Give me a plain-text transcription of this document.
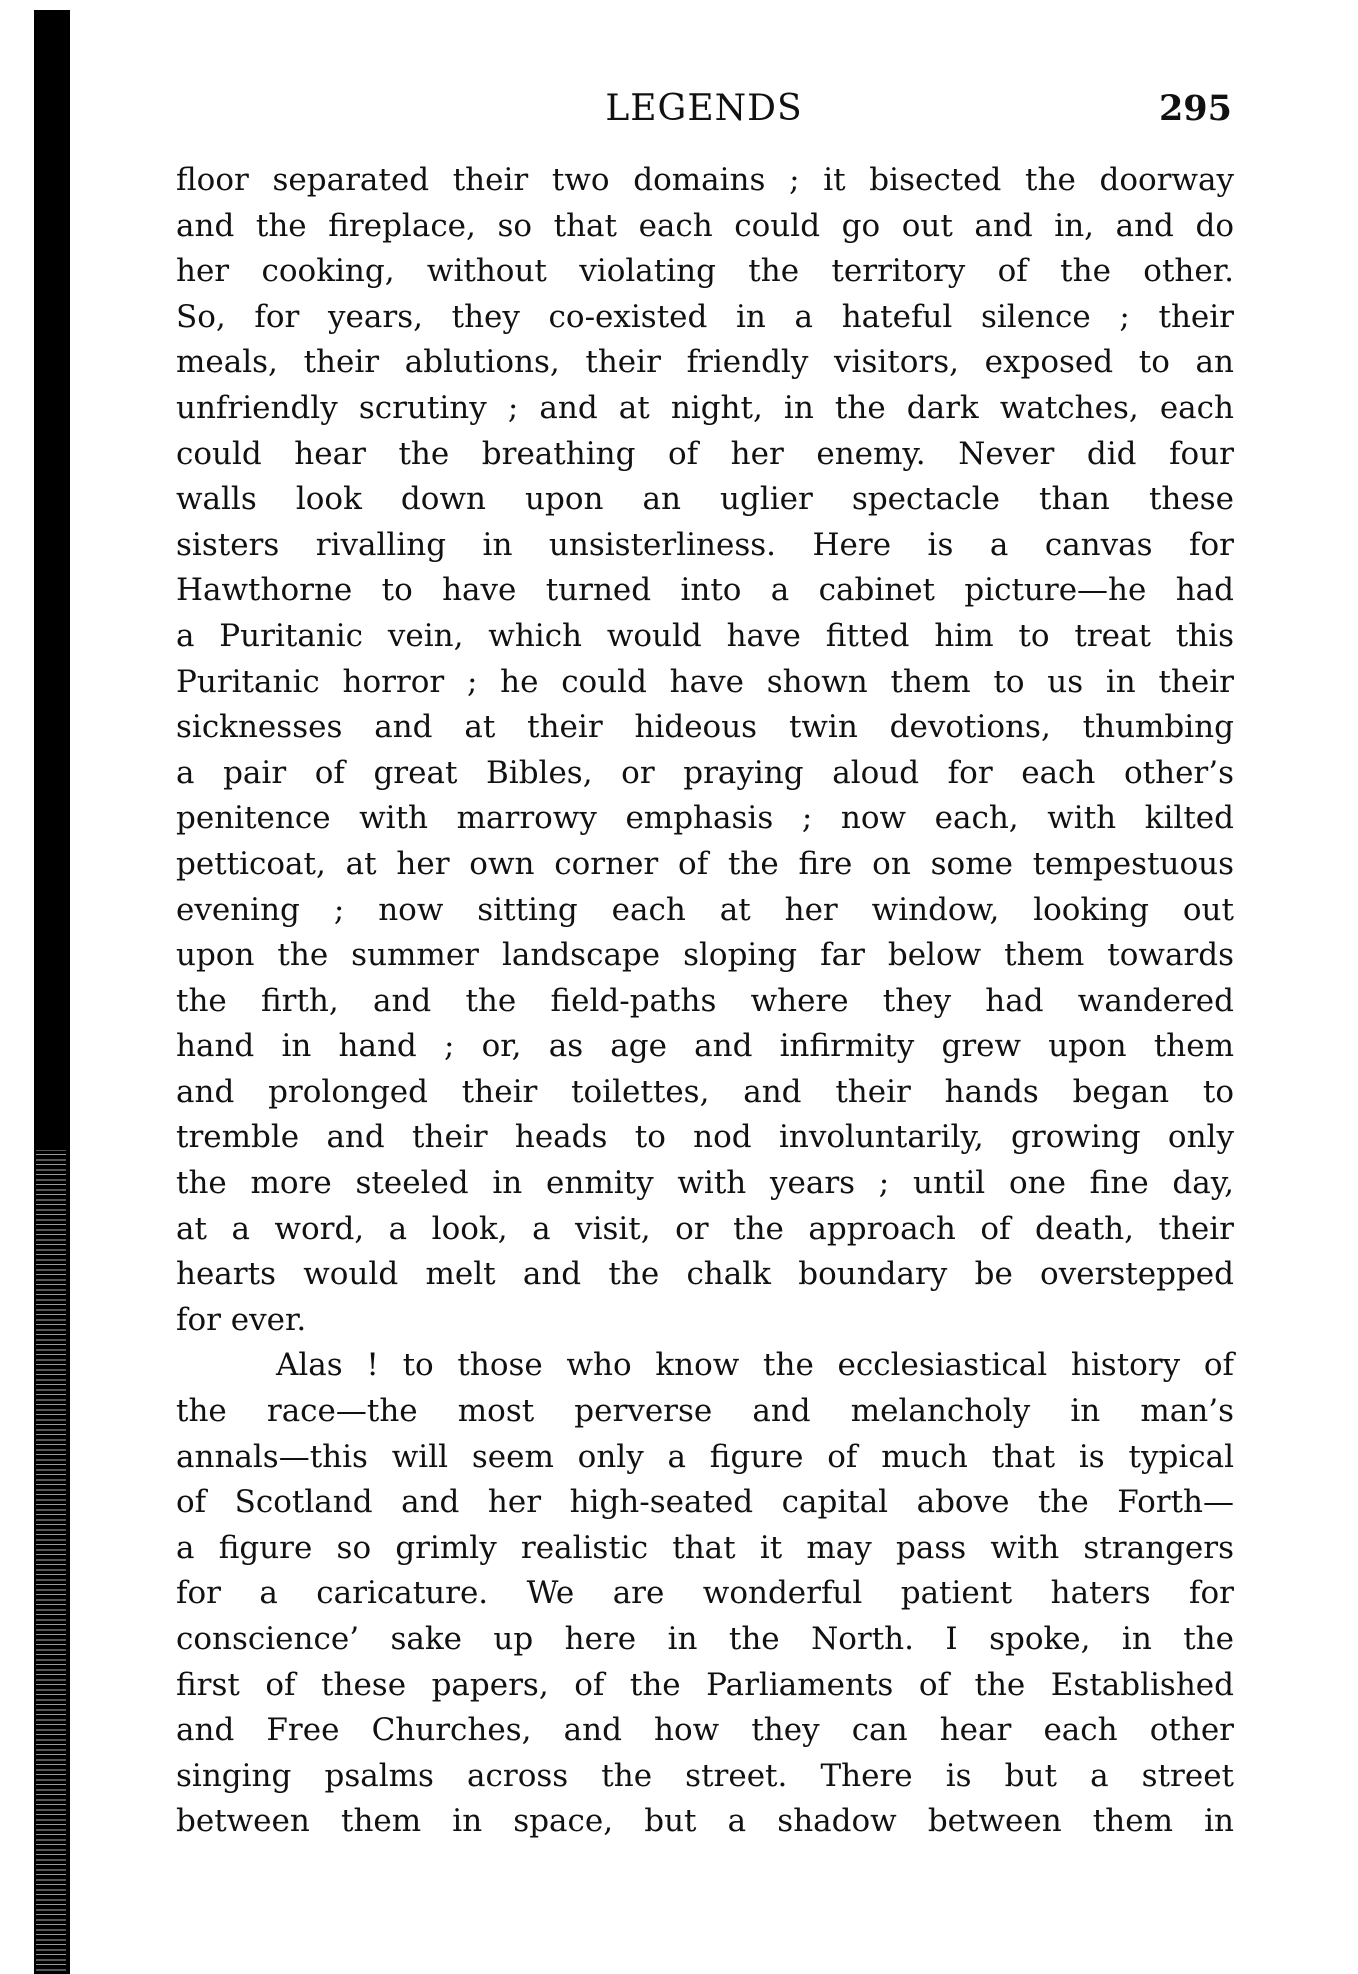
LEGENDS	295
floor separated their two domains ; it bisected the doorway
and the fireplace, so that each could go out and in, and do
her cooking, without violating the territory of the other.
So, for years, they co-existed in a hateful silence ; their
meals, their ablutions, their friendly visitors, exposed to an
unfriendly scrutiny ; and at night, in the dark watches, each
could hear the breathing of her enemy. Never did four
walls look down upon an uglier spectacle than these
sisters rivalling in unsisterliness. Here is a canvas for
Hawthorne to have turned into a cabinet picture—he had
a Puritanic vein, which would have fitted him to treat this
Puritanic horror ; he could have shown them to us in their
sicknesses and at their hideous twin devotions, thumbing
a pair of great Bibles, or praying aloud for each other’s
penitence with marrowy emphasis ; now each, with kilted
petticoat, at her own corner of the fire on some tempestuous
evening ; now sitting each at her window, looking out
upon the summer landscape sloping far below them towards
the firth, and the field-paths where they had wandered
hand in hand ; or, as age and infirmity grew upon them
and prolonged their toilettes, and their hands began to
tremble and their heads to nod involuntarily, growing only
the more steeled in enmity with years ; until one fine day,
at a word, a look, a visit, or the approach of death, their
hearts would melt and the chalk boundary be overstepped
for ever.
Alas ! to those who know the ecclesiastical history of
the race—the most perverse and melancholy in man’s
annals—this will seem only a figure of much that is typical
of Scotland and her high-seated capital above the Forth—
a figure so grimly realistic that it may pass with strangers
for a caricature. We are wonderful patient haters for
conscience’ sake up here in the North. I spoke, in the
first of these papers, of the Parliaments of the Established
and Free Churches, and how they can hear each other
singing psalms across the street. There is but a street
between them in space, but a shadow between them in
